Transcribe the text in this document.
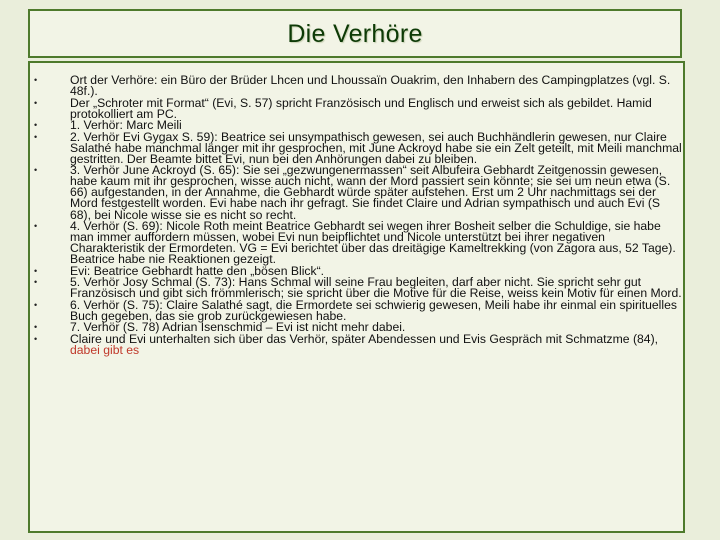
Die Verhöre
•	Ort der Verhöre: ein Büro der Brüder Lhcen und Lhoussaïn Ouakrim, den Inhabern des Campingplatzes (vgl. S. 48f.).
•	Der „Schroter mit Format“ (Evi, S. 57) spricht Französisch und Englisch und erweist sich als gebildet. Hamid protokolliert am PC.
•	1. Verhör: Marc Meili
•	2. Verhör Evi Gygax S. 59): Beatrice sei unsympathisch gewesen, sei auch Buchhändlerin gewesen, nur Claire Salathé habe manchmal länger mit ihr gesprochen, mit June Ackroyd habe sie ein Zelt geteilt, mit Meili manchmal gestritten. Der Beamte bittet Evi, nun bei den Anhörungen dabei zu bleiben.
•	3. Verhör June Ackroyd (S. 65): Sie sei „gezwungenermassen“ seit Albufeira Gebhardt Zeitgenossin gewesen, habe kaum mit ihr gesprochen, wisse auch nicht, wann der Mord passiert sein könnte; sie sei um neun etwa (S. 66) aufgestanden, in der Annahme, die Gebhardt würde später aufstehen. Erst um 2 Uhr nachmittags sei der Mord festgestellt worden. Evi habe nach ihr gefragt. Sie findet Claire und Adrian sympathisch und auch Evi (S 68), bei Nicole wisse sie es nicht so recht.
•	4. Verhör (S. 69): Nicole Roth meint Beatrice Gebhardt sei wegen ihrer Bosheit selber die Schuldige, sie habe man immer auffordern müssen, wobei Evi nun beipflichtet und Nicole unterstützt bei ihrer negativen Charakteristik der Ermordeten. VG = Evi berichtet über das dreitägige Kameltrekking (von Zagora aus, 52 Tage). Beatrice habe nie Reaktionen gezeigt.
•	Evi: Beatrice Gebhardt hatte den „bösen Blick“.
•	5. Verhör Josy Schmal (S. 73): Hans Schmal will seine Frau begleiten, darf aber nicht. Sie spricht sehr gut Französisch und gibt sich frömmlerisch; sie spricht über die Motive für die Reise, weiss kein Motiv für einen Mord.
•	6. Verhör (S. 75): Claire Salathé sagt, die Ermordete sei schwierig gewesen, Meili habe ihr einmal ein spirituelles Buch gegeben, das sie grob zurückgewiesen habe.
•	7. Verhör (S. 78) Adrian Isenschmid – Evi ist nicht mehr dabei.
•	Claire und Evi unterhalten sich über das Verhör, später Abendessen und Evis Gespräch mit Schmatzme (84), dabei gibt es
